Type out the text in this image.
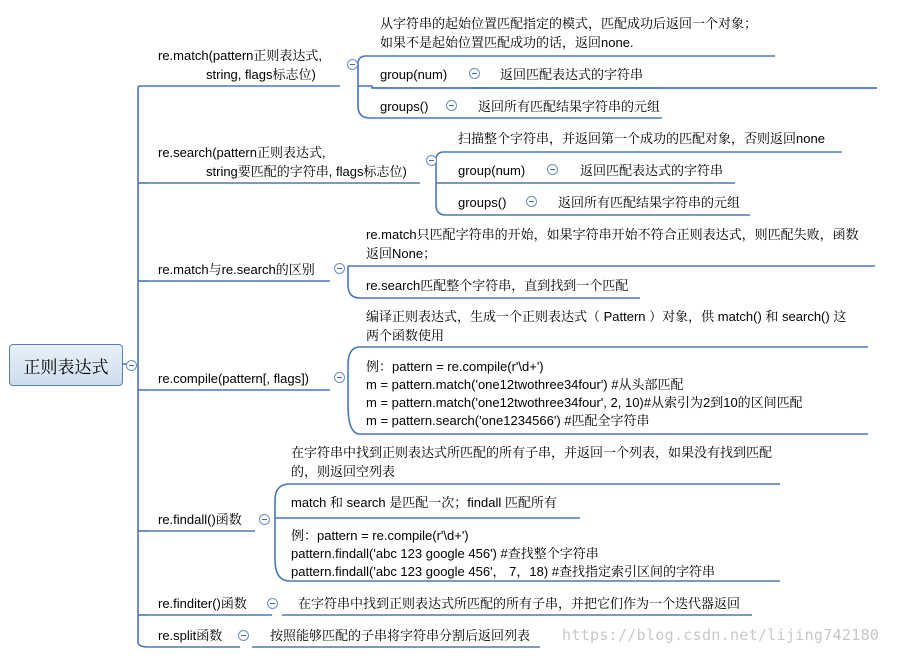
正则表达式
re.match(pattern正则表达式,
string, flags标志位)
从字符串的起始位置匹配指定的模式，匹配成功后返回一个对象；
如果不是起始位置匹配成功的话，返回none.
group(num)	返回匹配表达式的字符串
groups()	返回所有匹配结果字符串的元组
re.search(pattern正则表达式,
string要匹配的字符串, flags标志位)
扫描整个字符串，并返回第一个成功的匹配对象，否则返回none
group(num)	返回匹配表达式的字符串
groups()	返回所有匹配结果字符串的元组
re.match与re.search的区别
re.match只匹配字符串的开始，如果字符串开始不符合正则表达式，则匹配失败，函数
返回None；
re.search匹配整个字符串，直到找到一个匹配
re.compile(pattern[, flags])
编译正则表达式，生成一个正则表达式（ Pattern ）对象，供 match() 和 search() 这
两个函数使用
例：pattern = re.compile(r'\d+')
m = pattern.match('one12twothree34four') #从头部匹配
m = pattern.match('one12twothree34four', 2, 10)#从索引为2到10的区间匹配
m = pattern.search('one1234566') #匹配全字符串
re.findall()函数
在字符串中找到正则表达式所匹配的所有子串，并返回一个列表，如果没有找到匹配
的，则返回空列表
match 和 search 是匹配一次；findall 匹配所有
例：pattern = re.compile(r'\d+')
pattern.findall('abc 123 google 456') #查找整个字符串
pattern.findall('abc 123 google 456'， 7，18) #查找指定索引区间的字符串
re.finditer()函数	在字符串中找到正则表达式所匹配的所有子串，并把它们作为一个迭代器返回
re.split函数	按照能够匹配的子串将字符串分割后返回列表 https://blog.csdn.net/lijing742180
